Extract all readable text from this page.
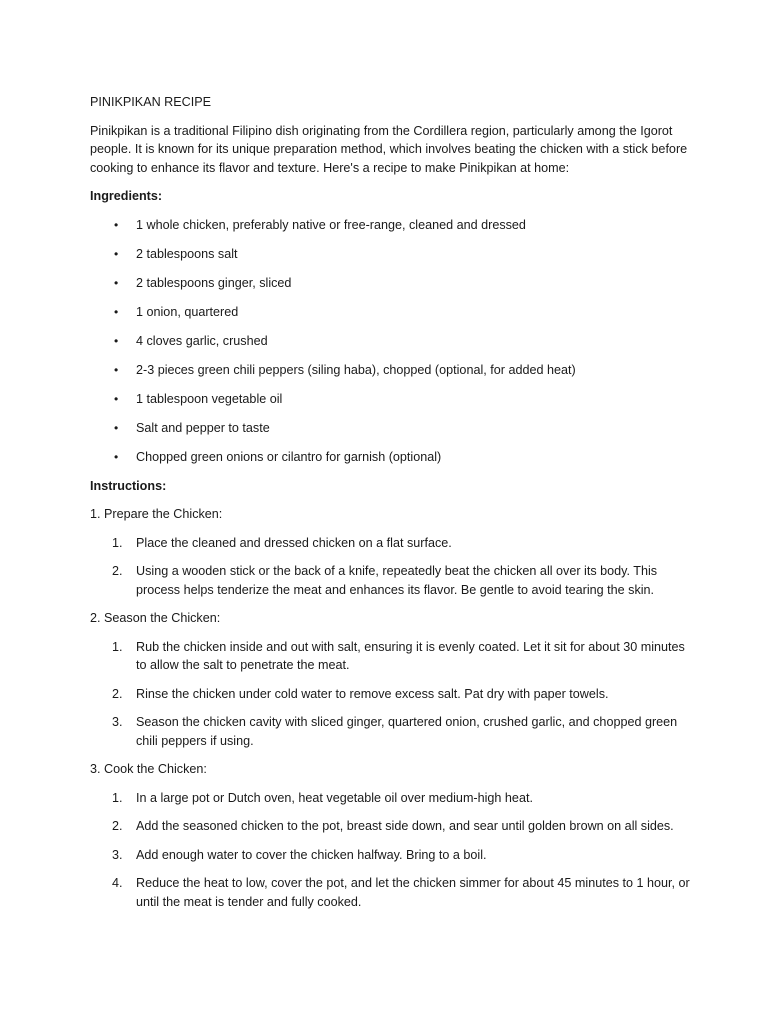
PINIKPIKAN RECIPE

Pinikpikan is a traditional Filipino dish originating from the Cordillera region, particularly among the Igorot people. It is known for its unique preparation method, which involves beating the chicken with a stick before cooking to enhance its flavor and texture. Here's a recipe to make Pinikpikan at home:

Ingredients:

• 1 whole chicken, preferably native or free-range, cleaned and dressed
• 2 tablespoons salt
• 2 tablespoons ginger, sliced
• 1 onion, quartered
• 4 cloves garlic, crushed
• 2-3 pieces green chili peppers (siling haba), chopped (optional, for added heat)
• 1 tablespoon vegetable oil
• Salt and pepper to taste
• Chopped green onions or cilantro for garnish (optional)

Instructions:

1. Prepare the Chicken:

1. Place the cleaned and dressed chicken on a flat surface.
2. Using a wooden stick or the back of a knife, repeatedly beat the chicken all over its body. This process helps tenderize the meat and enhances its flavor. Be gentle to avoid tearing the skin.

2. Season the Chicken:

1. Rub the chicken inside and out with salt, ensuring it is evenly coated. Let it sit for about 30 minutes to allow the salt to penetrate the meat.
2. Rinse the chicken under cold water to remove excess salt. Pat dry with paper towels.
3. Season the chicken cavity with sliced ginger, quartered onion, crushed garlic, and chopped green chili peppers if using.

3. Cook the Chicken:

1. In a large pot or Dutch oven, heat vegetable oil over medium-high heat.
2. Add the seasoned chicken to the pot, breast side down, and sear until golden brown on all sides.
3. Add enough water to cover the chicken halfway. Bring to a boil.
4. Reduce the heat to low, cover the pot, and let the chicken simmer for about 45 minutes to 1 hour, or until the meat is tender and fully cooked.
